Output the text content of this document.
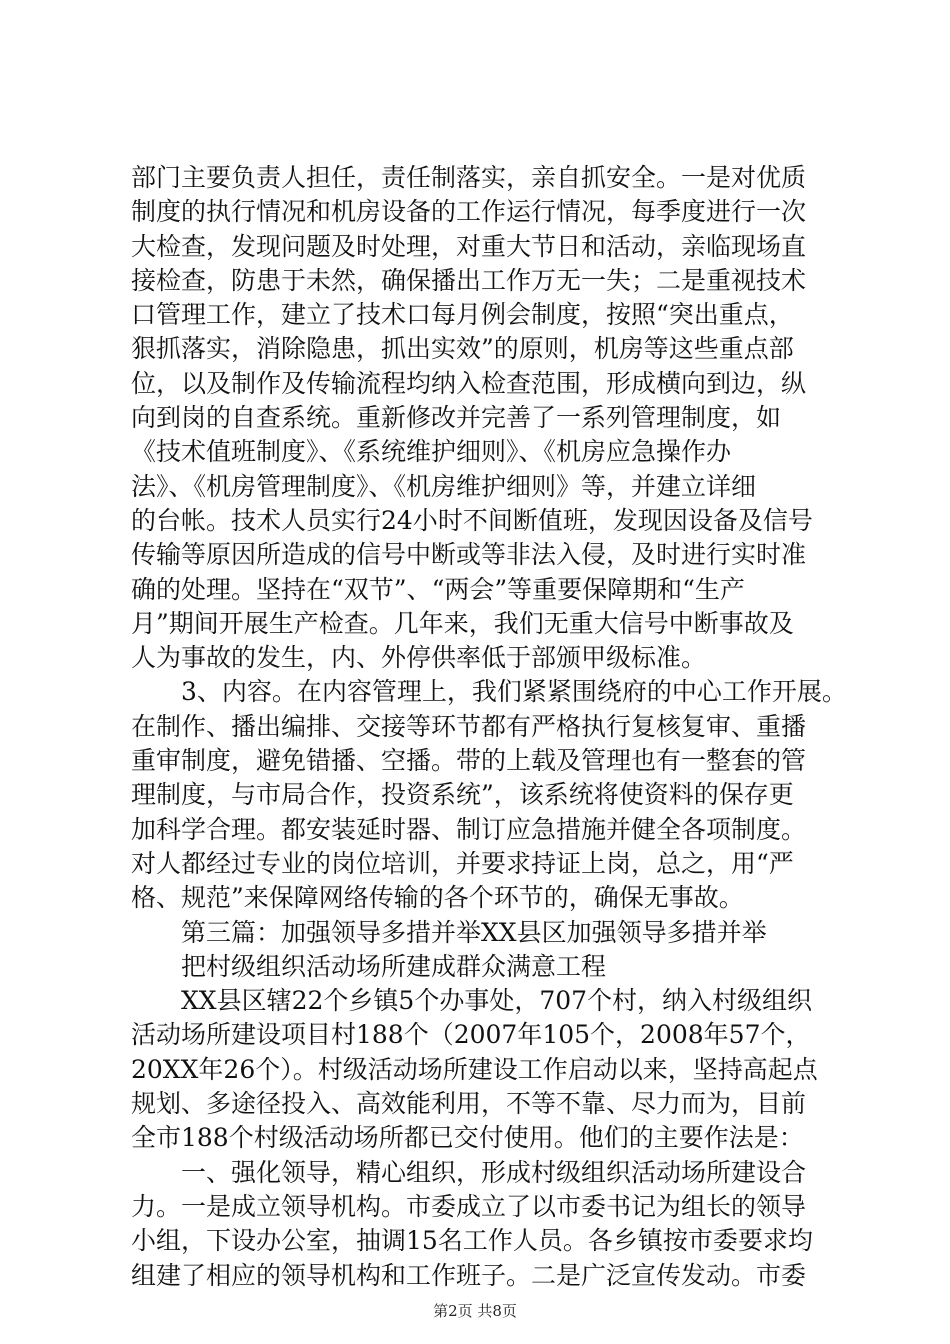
部门主要负责人担任，责任制落实，亲自抓安全。一是对优质
制度的执行情况和机房设备的工作运行情况，每季度进行一次
大检查，发现问题及时处理，对重大节日和活动，亲临现场直
接检查，防患于未然，确保播出工作万无一失；二是重视技术
口管理工作，建立了技术口每月例会制度，按照“突出重点，
狠抓落实，消除隐患，抓出实效”的原则，机房等这些重点部
位，以及制作及传输流程均纳入检查范围，形成横向到边，纵
向到岗的自查系统。重新修改并完善了一系列管理制度，如
《技术值班制度》、《系统维护细则》、《机房应急操作办
法》、《机房管理制度》、《机房维护细则》等，并建立详细
的台帐。技术人员实行24小时不间断值班，发现因设备及信号
传输等原因所造成的信号中断或等非法入侵，及时进行实时准
确的处理。坚持在“双节”、“两会”等重要保障期和“生产
月”期间开展生产检查。几年来，我们无重大信号中断事故及
人为事故的发生，内、外停供率低于部颁甲级标准。
3、内容。在内容管理上，我们紧紧围绕府的中心工作开展。
在制作、播出编排、交接等环节都有严格执行复核复审、重播
重审制度，避免错播、空播。带的上载及管理也有一整套的管
理制度，与市局合作，投资系统”，该系统将使资料的保存更
加科学合理。都安装延时器、制订应急措施并健全各项制度。
对人都经过专业的岗位培训，并要求持证上岗，总之，用“严
格、规范”来保障网络传输的各个环节的，确保无事故。
第三篇：加强领导多措并举XX县区加强领导多措并举
把村级组织活动场所建成群众满意工程
XX县区辖22个乡镇5个办事处，707个村，纳入村级组织
活动场所建设项目村188个（2007年105个，2008年57个，
20XX年26个）。村级活动场所建设工作启动以来，坚持高起点
规划、多途径投入、高效能利用，不等不靠、尽力而为，目前
全市188个村级活动场所都已交付使用。他们的主要作法是：
一、强化领导，精心组织，形成村级组织活动场所建设合
力。一是成立领导机构。市委成立了以市委书记为组长的领导
小组，下设办公室，抽调15名工作人员。各乡镇按市委要求均
组建了相应的领导机构和工作班子。二是广泛宣传发动。市委
第2页 共8页
